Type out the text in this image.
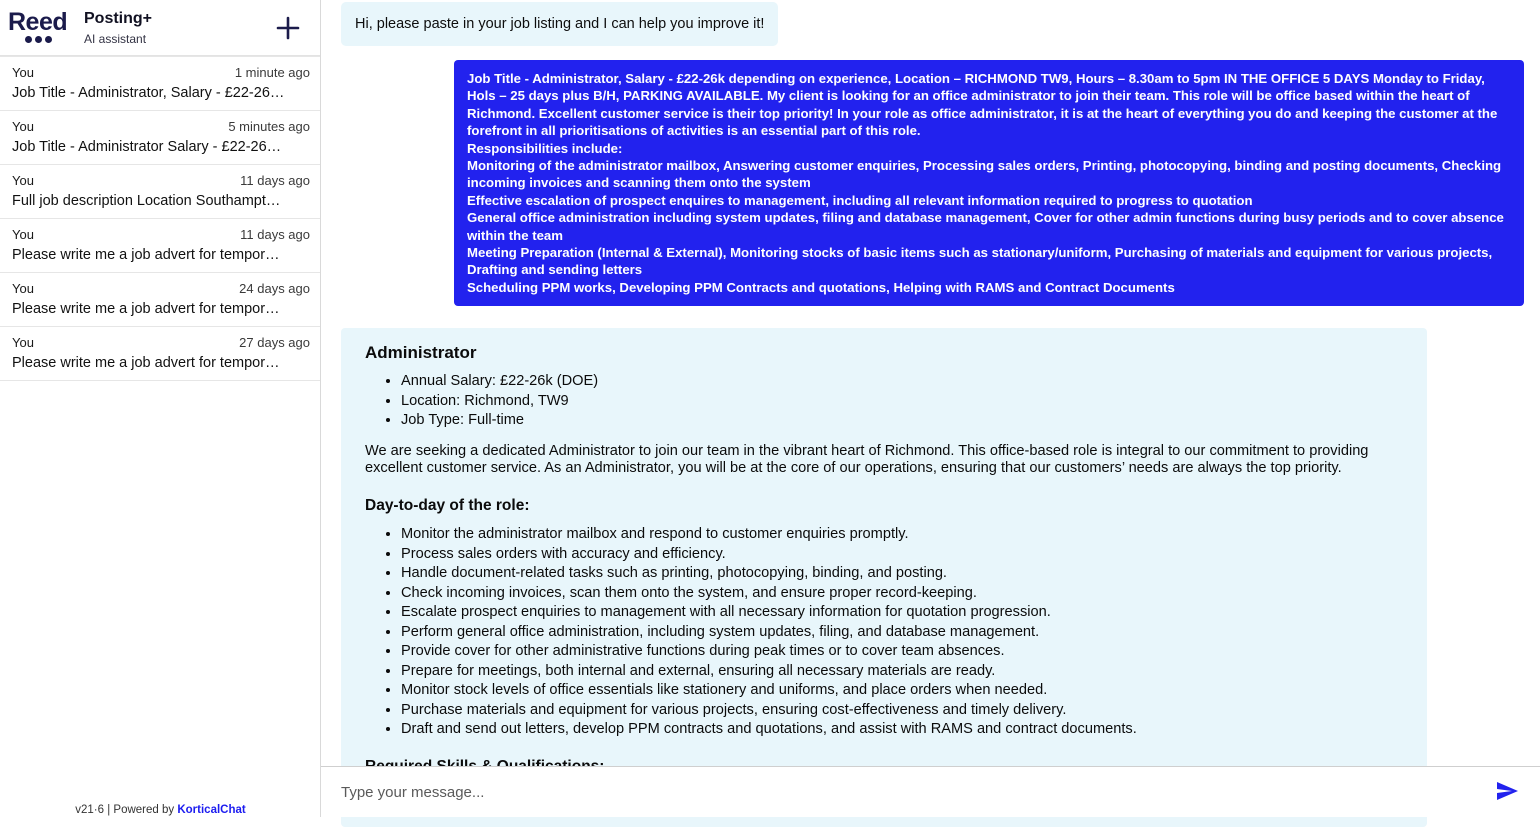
Reed	Posting+
AI assistant
You	1 minute ago
Job Title - Administrator, Salary - £22-26…
You	5 minutes ago
Job Title - Administrator Salary - £22-26…
You	11 days ago
Full job description Location Southampt…
You	11 days ago
Please write me a job advert for tempor…
You	24 days ago
Please write me a job advert for tempor…
You	27 days ago
Please write me a job advert for tempor…
v21·6 | Powered by KorticalChat
Hi, please paste in your job listing and I can help you improve it!

Job Title - Administrator, Salary - £22-26k depending on experience, Location – RICHMOND TW9, Hours – 8.30am to 5pm IN THE OFFICE 5 DAYS Monday to Friday, Hols – 25 days plus B/H, PARKING AVAILABLE. My client is looking for an office administrator to join their team. This role will be office based within the heart of Richmond. Excellent customer service is their top priority! In your role as office administrator, it is at the heart of everything you do and keeping the customer at the forefront in all prioritisations of activities is an essential part of this role.

Responsibilities include:

Monitoring of the administrator mailbox, Answering customer enquiries, Processing sales orders, Printing, photocopying, binding and posting documents, Checking incoming invoices and scanning them onto the system

Effective escalation of prospect enquires to management, including all relevant information required to progress to quotation

General office administration including system updates, filing and database management, Cover for other admin functions during busy periods and to cover absence within the team

Meeting Preparation (Internal & External), Monitoring stocks of basic items such as stationary/uniform, Purchasing of materials and equipment for various projects, Drafting and sending letters

Scheduling PPM works, Developing PPM Contracts and quotations, Helping with RAMS and Contract Documents

Administrator
• Annual Salary: £22-26k (DOE)
• Location: Richmond, TW9
• Job Type: Full-time

We are seeking a dedicated Administrator to join our team in the vibrant heart of Richmond. This office-based role is integral to our commitment to providing excellent customer service. As an Administrator, you will be at the core of our operations, ensuring that our customers’ needs are always the top priority.

Day-to-day of the role:
• Monitor the administrator mailbox and respond to customer enquiries promptly.
• Process sales orders with accuracy and efficiency.
• Handle document-related tasks such as printing, photocopying, binding, and posting.
• Check incoming invoices, scan them onto the system, and ensure proper record-keeping.
• Escalate prospect enquiries to management with all necessary information for quotation progression.
• Perform general office administration, including system updates, filing, and database management.
• Provide cover for other administrative functions during peak times or to cover team absences.
• Prepare for meetings, both internal and external, ensuring all necessary materials are ready.
• Monitor stock levels of office essentials like stationery and uniforms, and place orders when needed.
• Purchase materials and equipment for various projects, ensuring cost-effectiveness and timely delivery.
• Draft and send out letters, develop PPM contracts and quotations, and assist with RAMS and contract documents.
•
Type your message...
